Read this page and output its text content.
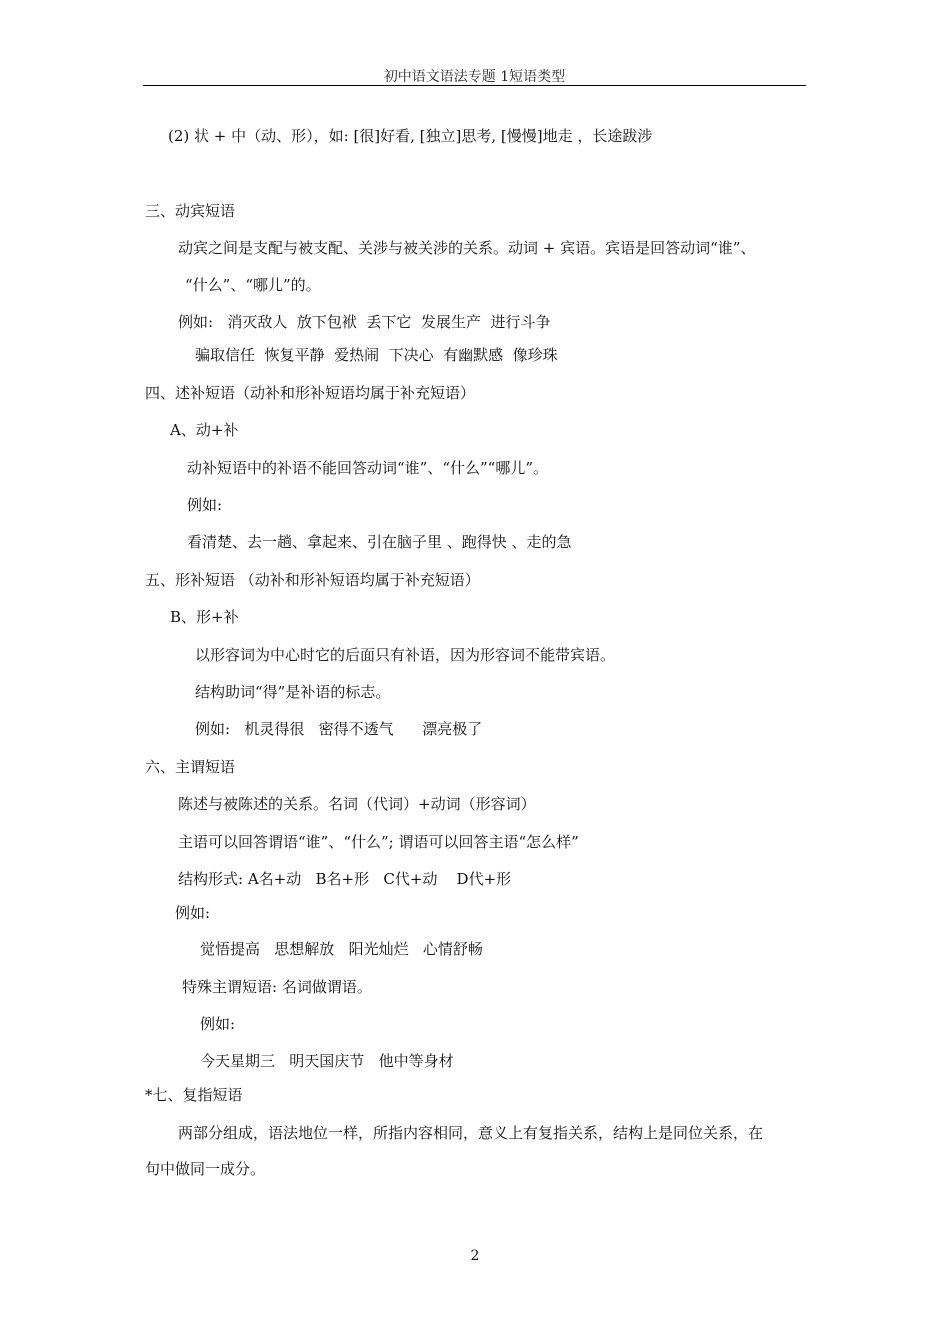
初中语文语法专题 1短语类型
(2) 状 + 中（动、形），如: [很]好看, [独立]思考, [慢慢]地走 ，长途跋涉
三、动宾短语
动宾之间是支配与被支配、关涉与被关涉的关系。动词 + 宾语。宾语是回答动词“谁”、
“什么”、“哪儿”的。
例如:   消灭敌人  放下包袱  丢下它  发展生产  进行斗争
骗取信任  恢复平静  爱热闹  下决心  有幽默感  像珍珠
四、述补短语（动补和形补短语均属于补充短语）
A、动+补
动补短语中的补语不能回答动词“谁”、“什么”“哪儿”。
例如:
看清楚、去一趟、拿起来、引在脑子里 、跑得快 、走的急
五、形补短语 （动补和形补短语均属于补充短语）
B、形+补
以形容词为中心时它的后面只有补语，因为形容词不能带宾语。
结构助词“得”是补语的标志。
例如:   机灵得很   密得不透气      漂亮极了
六、主谓短语
陈述与被陈述的关系。名词（代词）+动词（形容词）
主语可以回答谓语“谁”、“什么”; 谓语可以回答主语“怎么样”
结构形式: A名+动   B名+形   C代+动    D代+形
例如:
觉悟提高   思想解放   阳光灿烂   心情舒畅
特殊主谓短语: 名词做谓语。
例如:
今天星期三   明天国庆节   他中等身材
*七、复指短语
两部分组成，语法地位一样，所指内容相同，意义上有复指关系，结构上是同位关系，在
句中做同一成分。
2
